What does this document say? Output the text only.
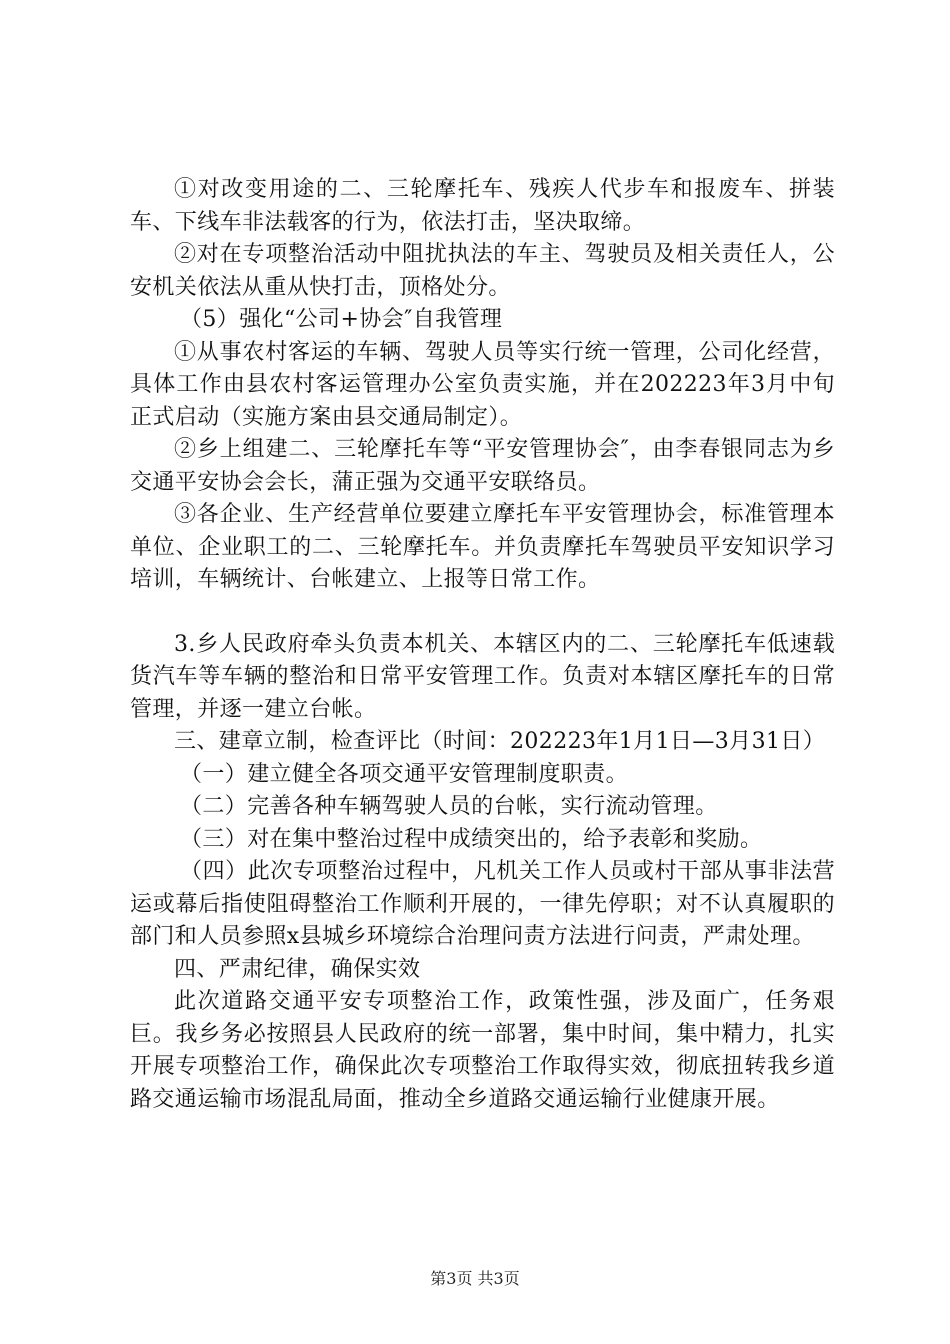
①对改变用途的二、三轮摩托车、残疾人代步车和报废车、拼装车、下线车非法载客的行为，依法打击，坚决取缔。

②对在专项整治活动中阻扰执法的车主、驾驶员及相关责任人，公安机关依法从重从快打击，顶格处分。

（5）强化“公司+协会″自我管理

①从事农村客运的车辆、驾驶人员等实行统一管理，公司化经营，具体工作由县农村客运管理办公室负责实施，并在202223年3月中旬正式启动（实施方案由县交通局制定）。

②乡上组建二、三轮摩托车等“平安管理协会″，由李春银同志为乡交通平安协会会长，蒲正强为交通平安联络员。

③各企业、生产经营单位要建立摩托车平安管理协会，标准管理本单位、企业职工的二、三轮摩托车。并负责摩托车驾驶员平安知识学习培训，车辆统计、台帐建立、上报等日常工作。

3.乡人民政府牵头负责本机关、本辖区内的二、三轮摩托车低速载货汽车等车辆的整治和日常平安管理工作。负责对本辖区摩托车的日常管理，并逐一建立台帐。

三、建章立制，检查评比（时间：202223年1月1日—3月31日）

（一）建立健全各项交通平安管理制度职责。

（二）完善各种车辆驾驶人员的台帐，实行流动管理。

（三）对在集中整治过程中成绩突出的，给予表彰和奖励。

（四）此次专项整治过程中，凡机关工作人员或村干部从事非法营运或幕后指使阻碍整治工作顺利开展的，一律先停职；对不认真履职的部门和人员参照x县城乡环境综合治理问责方法进行问责，严肃处理。

四、严肃纪律，确保实效

此次道路交通平安专项整治工作，政策性强，涉及面广，任务艰巨。我乡务必按照县人民政府的统一部署，集中时间，集中精力，扎实开展专项整治工作，确保此次专项整治工作取得实效，彻底扭转我乡道路交通运输市场混乱局面，推动全乡道路交通运输行业健康开展。

第3页 共3页
